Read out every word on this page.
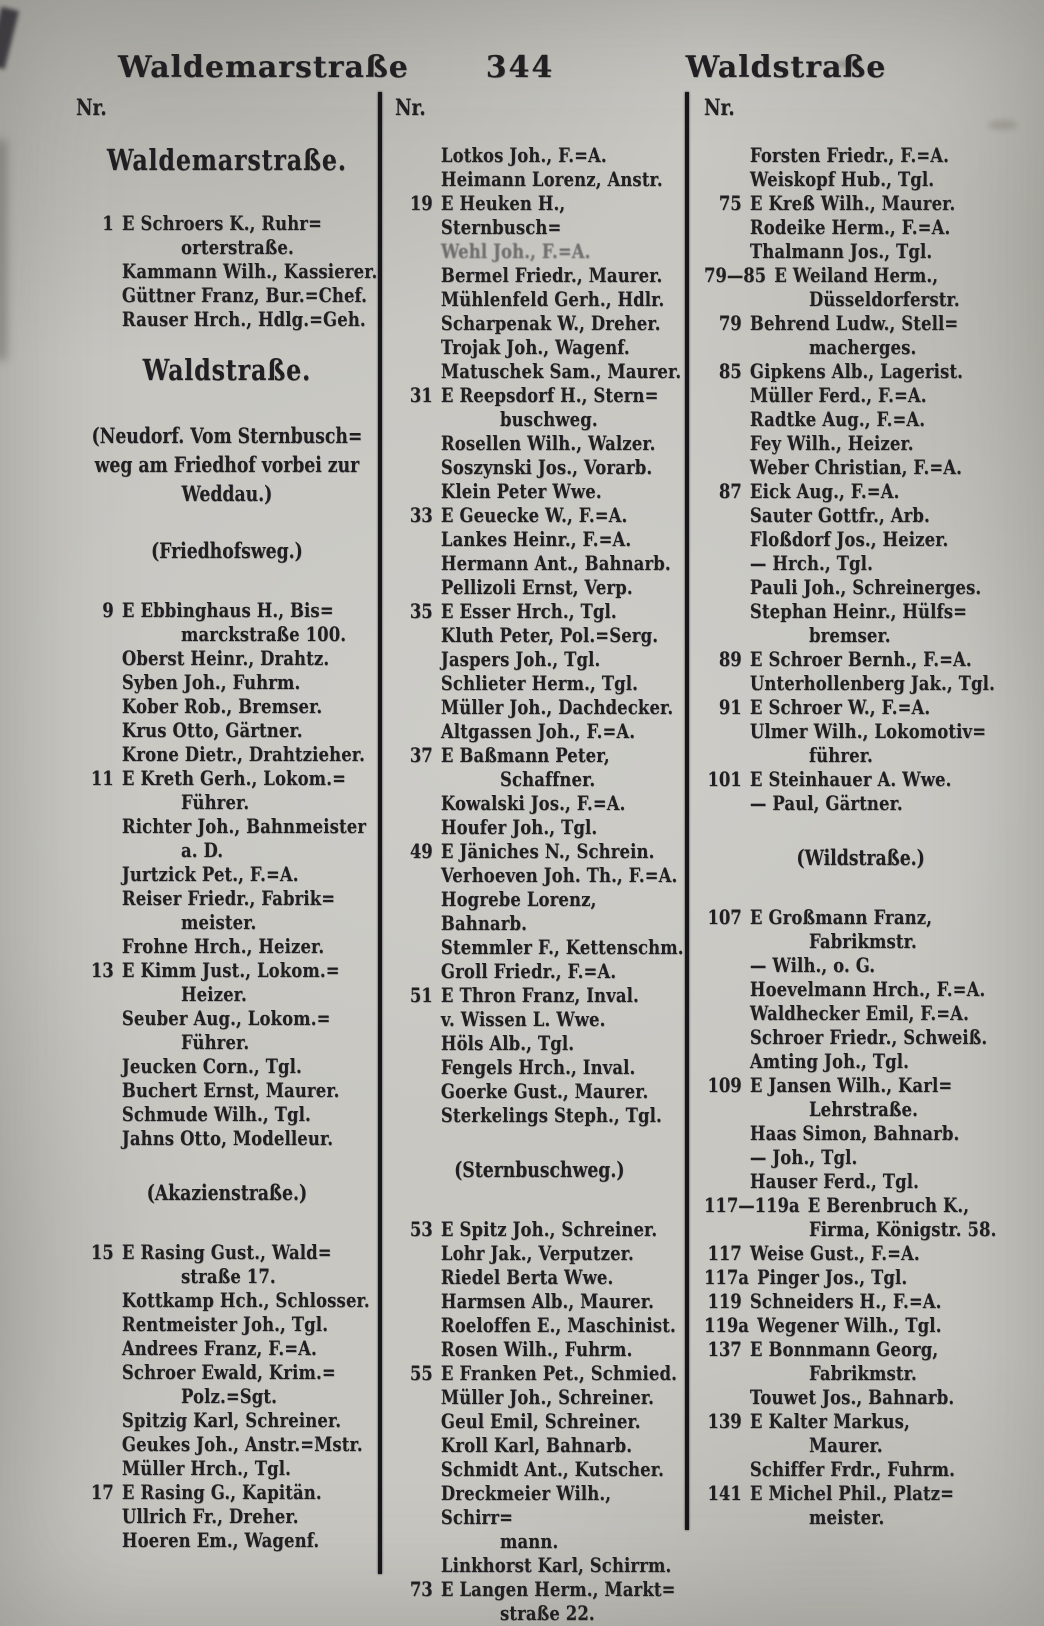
Waldemarstraße	344	Waldstraße
Nr.
Waldemarstraße.
1 E Schroers K., Ruhr=
orterstraße.
Kammann Wilh., Kassierer.
Güttner Franz, Bur.=Chef.
Rauser Hrch., Hdlg.=Geh.
Waldstraße.
(Neudorf. Vom Sternbusch=
weg am Friedhof vorbei zur
Weddau.)
(Friedhofsweg.)
9 E Ebbinghaus H., Bis=
marckstraße 100.
Oberst Heinr., Drahtz.
Syben Joh., Fuhrm.
Kober Rob., Bremser.
Krus Otto, Gärtner.
Krone Dietr., Drahtzieher.
11 E Kreth Gerh., Lokom.=
Führer.
Richter Joh., Bahnmeister
a. D.
Jurtzick Pet., F.=A.
Reiser Friedr., Fabrik=
meister.
Frohne Hrch., Heizer.
13 E Kimm Just., Lokom.=
Heizer.
Seuber Aug., Lokom.=
Führer.
Jeucken Corn., Tgl.
Buchert Ernst, Maurer.
Schmude Wilh., Tgl.
Jahns Otto, Modelleur.
(Akazienstraße.)
15 E Rasing Gust., Wald=
straße 17.
Kottkamp Hch., Schlosser.
Rentmeister Joh., Tgl.
Andrees Franz, F.=A.
Schroer Ewald, Krim.=
Polz.=Sgt.
Spitzig Karl, Schreiner.
Geukes Joh., Anstr.=Mstr.
Müller Hrch., Tgl.
17 E Rasing G., Kapitän.
Ullrich Fr., Dreher.
Hoeren Em., Wagenf.
Nr.
Lotkos Joh., F.=A.
Heimann Lorenz, Anstr.
19 E Heuken H., Sternbusch=
Wehl Joh., F.=A.
Bermel Friedr., Maurer.
Mühlenfeld Gerh., Hdlr.
Scharpenak W., Dreher.
Trojak Joh., Wagenf.
Matuschek Sam., Maurer.
31 E Reepsdorf H., Stern=
buschweg.
Rosellen Wilh., Walzer.
Soszynski Jos., Vorarb.
Klein Peter Wwe.
33 E Geuecke W., F.=A.
Lankes Heinr., F.=A.
Hermann Ant., Bahnarb.
Pellizoli Ernst, Verp.
35 E Esser Hrch., Tgl.
Kluth Peter, Pol.=Serg.
Jaspers Joh., Tgl.
Schlieter Herm., Tgl.
Müller Joh., Dachdecker.
Altgassen Joh., F.=A.
37 E Baßmann Peter,
Schaffner.
Kowalski Jos., F.=A.
Houfer Joh., Tgl.
49 E Jäniches N., Schrein.
Verhoeven Joh. Th., F.=A.
Hogrebe Lorenz, Bahnarb.
Stemmler F., Kettenschm.
Groll Friedr., F.=A.
51 E Thron Franz, Inval.
v. Wissen L. Wwe.
Höls Alb., Tgl.
Fengels Hrch., Inval.
Goerke Gust., Maurer.
Sterkelings Steph., Tgl.
(Sternbuschweg.)
53 E Spitz Joh., Schreiner.
Lohr Jak., Verputzer.
Riedel Berta Wwe.
Harmsen Alb., Maurer.
Roeloffen E., Maschinist.
Rosen Wilh., Fuhrm.
55 E Franken Pet., Schmied.
Müller Joh., Schreiner.
Geul Emil, Schreiner.
Kroll Karl, Bahnarb.
Schmidt Ant., Kutscher.
Dreckmeier Wilh., Schirr=
mann.
Linkhorst Karl, Schirrm.
73 E Langen Herm., Markt=
straße 22.
Nr.
Forsten Friedr., F.=A.
Weiskopf Hub., Tgl.
75 E Kreß Wilh., Maurer.
Rodeike Herm., F.=A.
Thalmann Jos., Tgl.
79—85 E Weiland Herm.,
Düsseldorferstr.
79 Behrend Ludw., Stell=
macherges.
85 Gipkens Alb., Lagerist.
Müller Ferd., F.=A.
Radtke Aug., F.=A.
Fey Wilh., Heizer.
Weber Christian, F.=A.
87 Eick Aug., F.=A.
Sauter Gottfr., Arb.
Floßdorf Jos., Heizer.
— Hrch., Tgl.
Pauli Joh., Schreinerges.
Stephan Heinr., Hülfs=
bremser.
89 E Schroer Bernh., F.=A.
Unterhollenberg Jak., Tgl.
91 E Schroer W., F.=A.
Ulmer Wilh., Lokomotiv=
führer.
101 E Steinhauer A. Wwe.
— Paul, Gärtner.
(Wildstraße.)
107 E Großmann Franz,
Fabrikmstr.
— Wilh., o. G.
Hoevelmann Hrch., F.=A.
Waldhecker Emil, F.=A.
Schroer Friedr., Schweiß.
Amting Joh., Tgl.
109 E Jansen Wilh., Karl=
Lehrstraße.
Haas Simon, Bahnarb.
— Joh., Tgl.
Hauser Ferd., Tgl.
117—119a E Berenbruch K.,
Firma, Königstr. 58.
117 Weise Gust., F.=A.
117a Pinger Jos., Tgl.
119 Schneiders H., F.=A.
119a Wegener Wilh., Tgl.
137 E Bonnmann Georg,
Fabrikmstr.
Touwet Jos., Bahnarb.
139 E Kalter Markus,
Maurer.
Schiffer Frdr., Fuhrm.
141 E Michel Phil., Platz=
meister.
